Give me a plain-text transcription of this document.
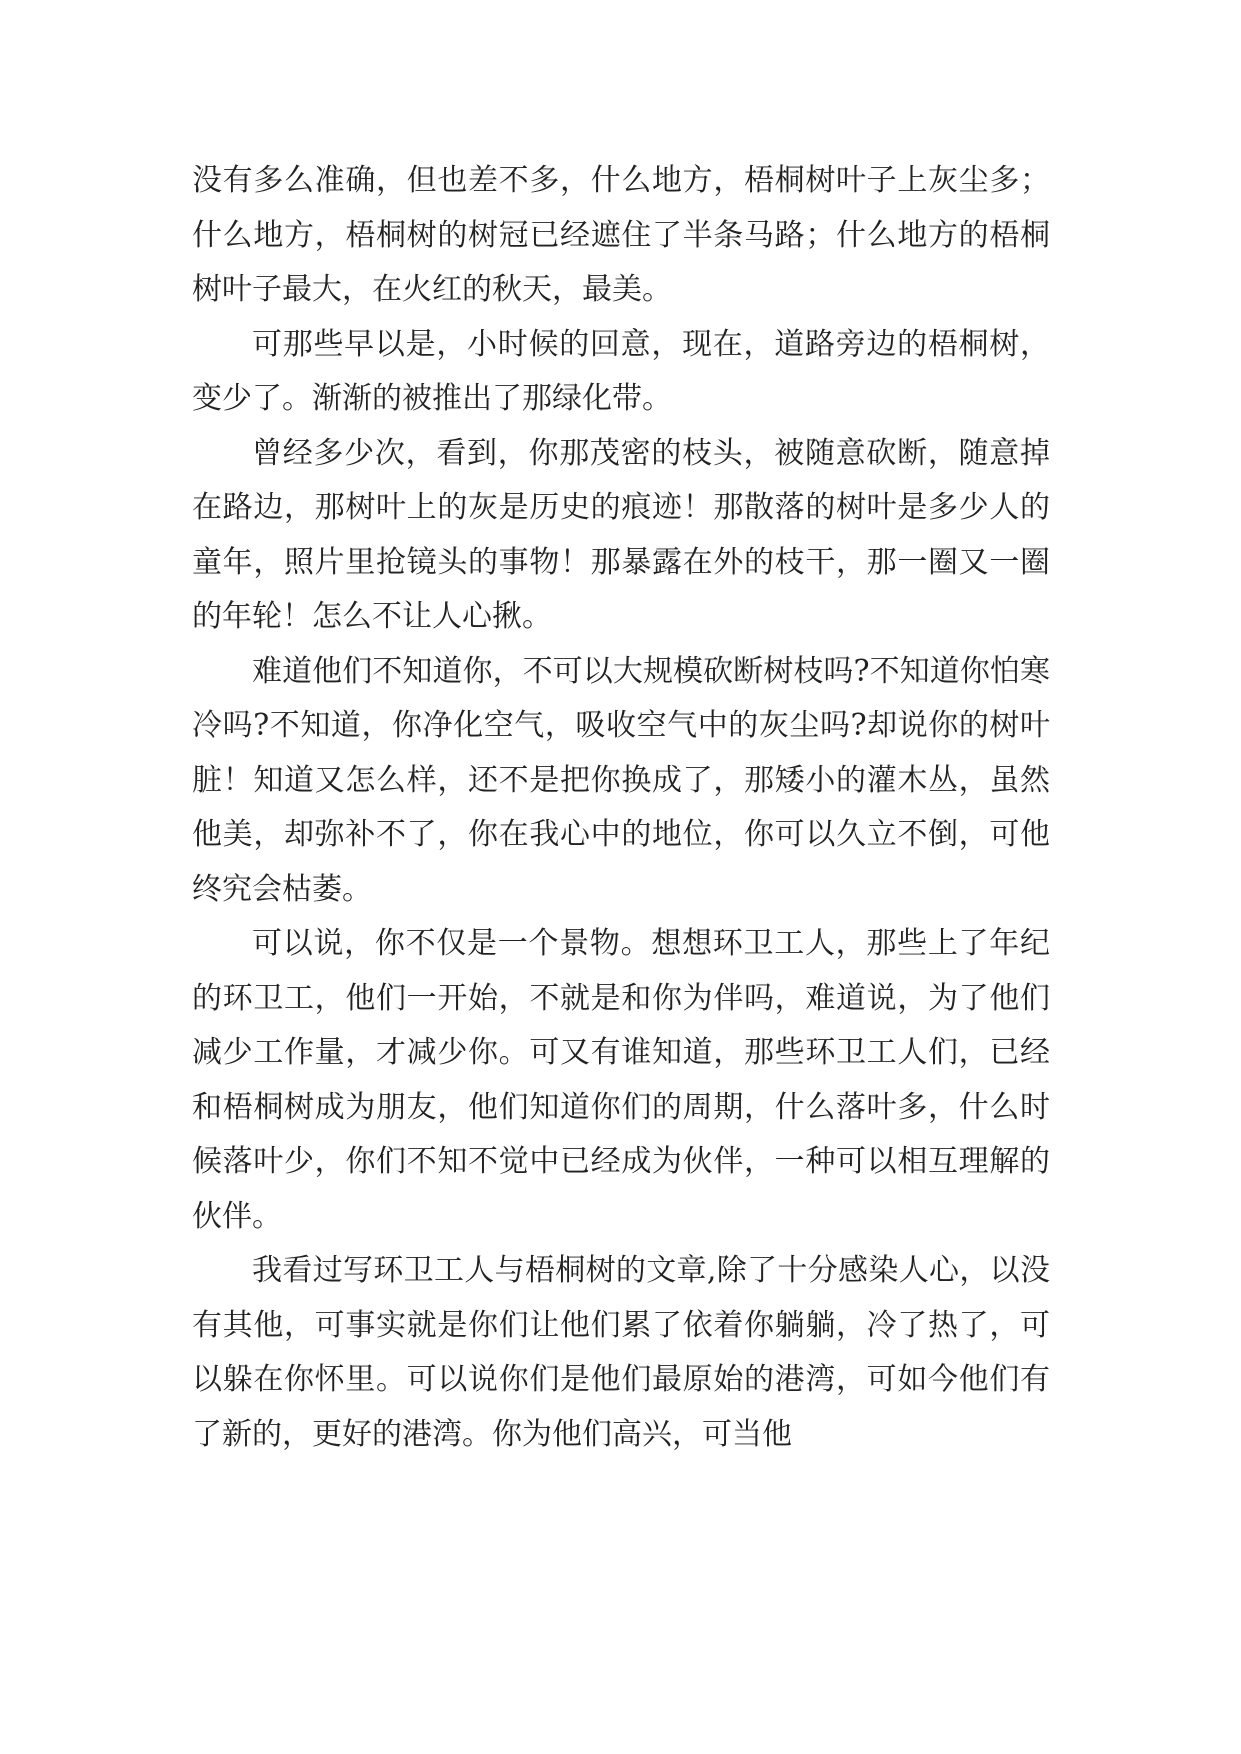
没有多么准确，但也差不多，什么地方，梧桐树叶子上灰尘多；什么地方，梧桐树的树冠已经遮住了半条马路；什么地方的梧桐树叶子最大，在火红的秋天，最美。

可那些早以是，小时候的回意，现在，道路旁边的梧桐树，变少了。渐渐的被推出了那绿化带。

曾经多少次，看到，你那茂密的枝头，被随意砍断，随意掉在路边，那树叶上的灰是历史的痕迹！那散落的树叶是多少人的童年，照片里抢镜头的事物！那暴露在外的枝干，那一圈又一圈的年轮！怎么不让人心揪。

难道他们不知道你，不可以大规模砍断树枝吗?不知道你怕寒冷吗?不知道，你净化空气，吸收空气中的灰尘吗?却说你的树叶脏！知道又怎么样，还不是把你换成了，那矮小的灌木丛，虽然他美，却弥补不了，你在我心中的地位，你可以久立不倒，可他终究会枯萎。

可以说，你不仅是一个景物。想想环卫工人，那些上了年纪的环卫工，他们一开始，不就是和你为伴吗，难道说，为了他们减少工作量，才减少你。可又有谁知道，那些环卫工人们，已经和梧桐树成为朋友，他们知道你们的周期，什么落叶多，什么时候落叶少，你们不知不觉中已经成为伙伴，一种可以相互理解的伙伴。

我看过写环卫工人与梧桐树的文章,除了十分感染人心，以没有其他，可事实就是你们让他们累了依着你躺躺，冷了热了，可以躲在你怀里。可以说你们是他们最原始的港湾，可如今他们有了新的，更好的港湾。你为他们高兴，可当他
